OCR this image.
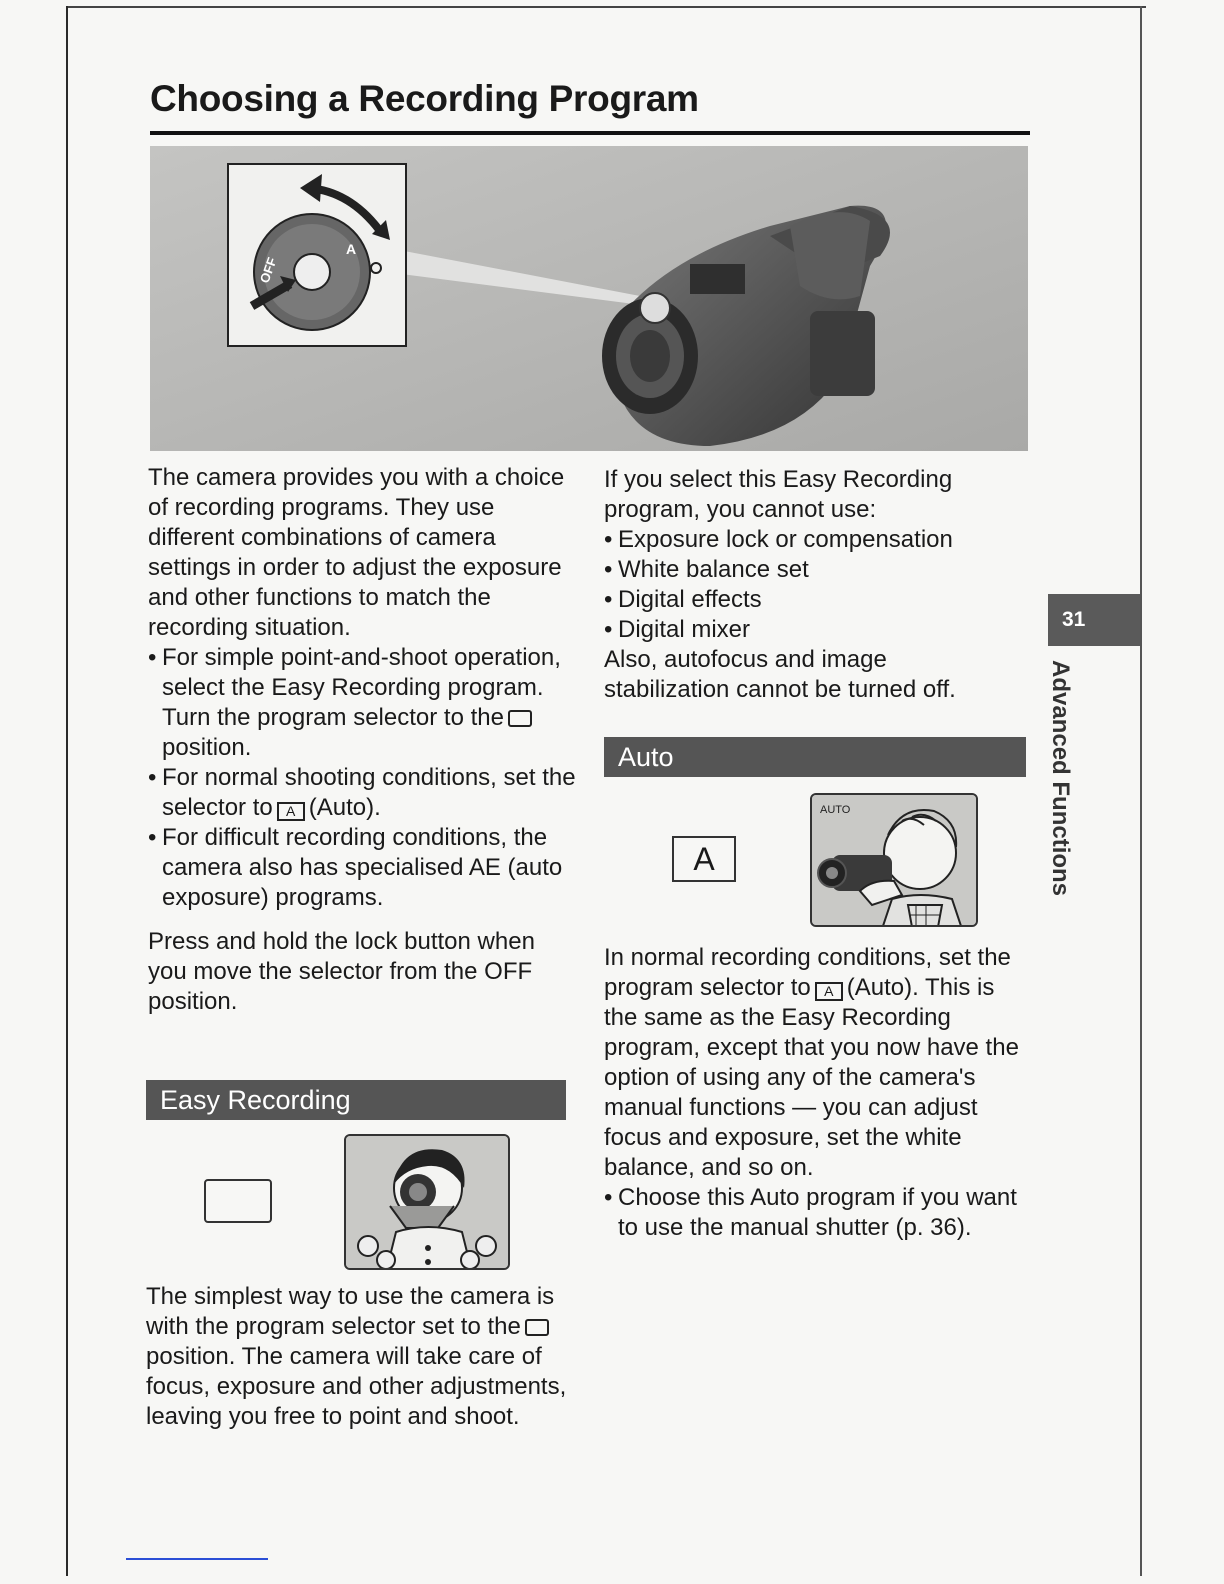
Choosing a Recording Program
OFF
A

The camera provides you with a choice of recording programs. They use different combinations of camera settings in order to adjust the exposure and other functions to match the recording situation.

• For simple point-and-shoot operation, select the Easy Recording program. Turn the program selector to theposition.
• For normal shooting conditions, set the selector to A (Auto).
• For difficult recording conditions, the camera also has specialised AE (auto exposure) programs.

Press and hold the lock button when you move the selector from the OFF position.

Easy Recording

The simplest way to use the camera is with the program selector set to theposition. The camera will take care of focus, exposure and other adjustments, leaving you free to point and shoot.

If you select this Easy Recording program, you cannot use:

• Exposure lock or compensation
• White balance set
• Digital effects
• Digital mixer

Also, autofocus and image stabilization cannot be turned off.

Auto
A
AUTO

In normal recording conditions, set the program selector to A (Auto). This is the same as the Easy Recording program, except that you now have the option of using any of the camera's manual functions — you can adjust focus and exposure, set the white balance, and so on.

• Choose this Auto program if you want to use the manual shutter (p. 36).
31
Advanced Functions
